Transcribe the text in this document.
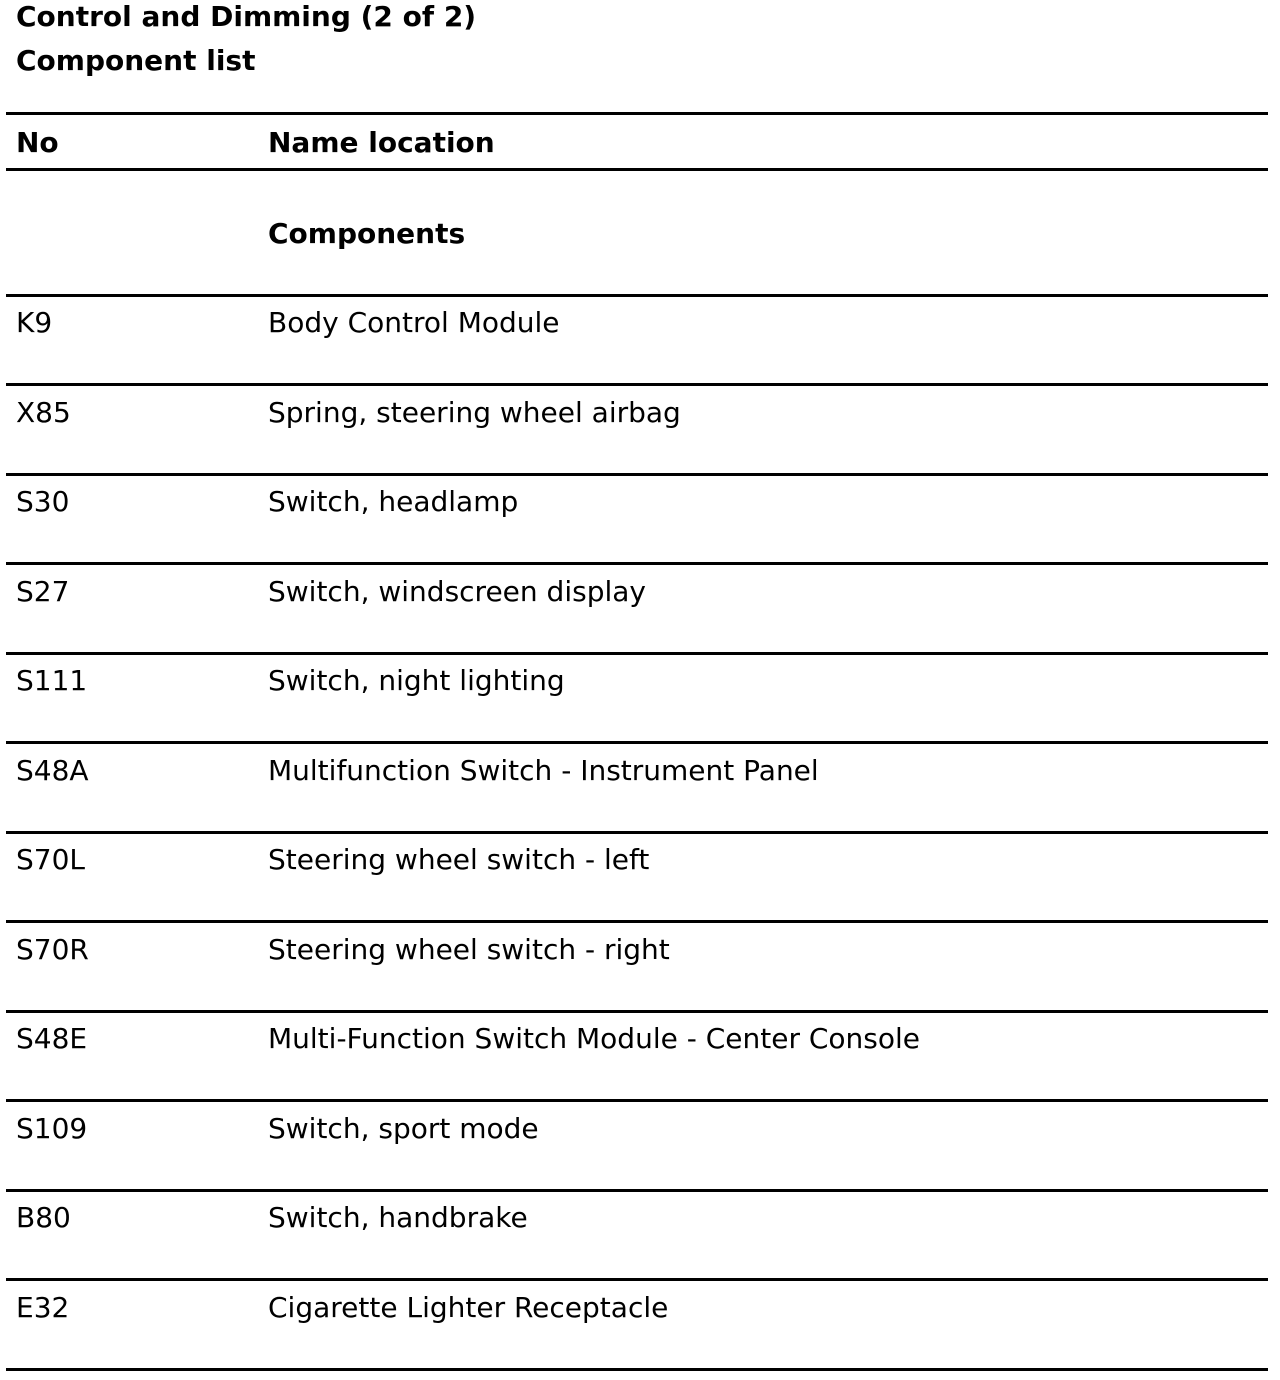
Control and Dimming (2 of 2)
Component list
No	Name location
Components
K9	Body Control Module
X85	Spring, steering wheel airbag
S30	Switch, headlamp
S27	Switch, windscreen display
S111	Switch, night lighting
S48A	Multifunction Switch - Instrument Panel
S70L	Steering wheel switch - left
S70R	Steering wheel switch - right
S48E	Multi-Function Switch Module - Center Console
S109	Switch, sport mode
B80	Switch, handbrake
E32	Cigarette Lighter Receptacle
